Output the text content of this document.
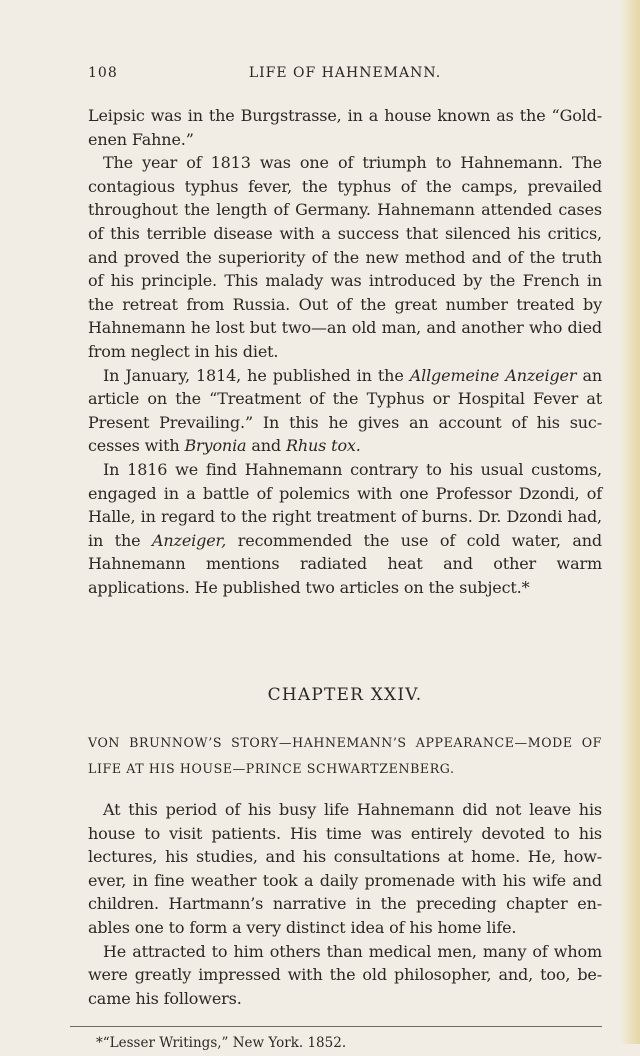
108	LIFE OF HAHNEMANN.

Leipsic was in the Burgstrasse, in a house known as the “Gold-enen Fahne.”

The year of 1813 was one of triumph to Hahnemann. The contagious typhus fever, the typhus of the camps, prevailed throughout the length of Germany. Hahnemann attended cases of this terrible disease with a success that silenced his critics, and proved the superiority of the new method and of the truth of his principle. This malady was introduced by the French in the retreat from Russia. Out of the great number treated by Hahnemann he lost but two—an old man, and another who died from neglect in his diet.

In January, 1814, he published in the Allgemeine Anzeiger an article on the “Treatment of the Typhus or Hospital Fever at Present Prevailing.” In this he gives an account of his suc-cesses with Bryonia and Rhus tox.

In 1816 we find Hahnemann contrary to his usual customs, engaged in a battle of polemics with one Professor Dzondi, of Halle, in regard to the right treatment of burns. Dr. Dzondi had, in the Anzeiger, recommended the use of cold water, and Hahnemann mentions radiated heat and other warm applications. He published two articles on the subject.*

CHAPTER XXIV.
VON BRUNNOW’S STORY—HAHNEMANN’S APPEARANCE—MODE OF LIFE AT HIS HOUSE—PRINCE SCHWARTZENBERG.

At this period of his busy life Hahnemann did not leave his house to visit patients. His time was entirely devoted to his lectures, his studies, and his consultations at home. He, how-ever, in fine weather took a daily promenade with his wife and children. Hartmann’s narrative in the preceding chapter en-ables one to form a very distinct idea of his home life.

He attracted to him others than medical men, many of whom were greatly impressed with the old philosopher, and, too, be-came his followers.

*“Lesser Writings,” New York. 1852.
